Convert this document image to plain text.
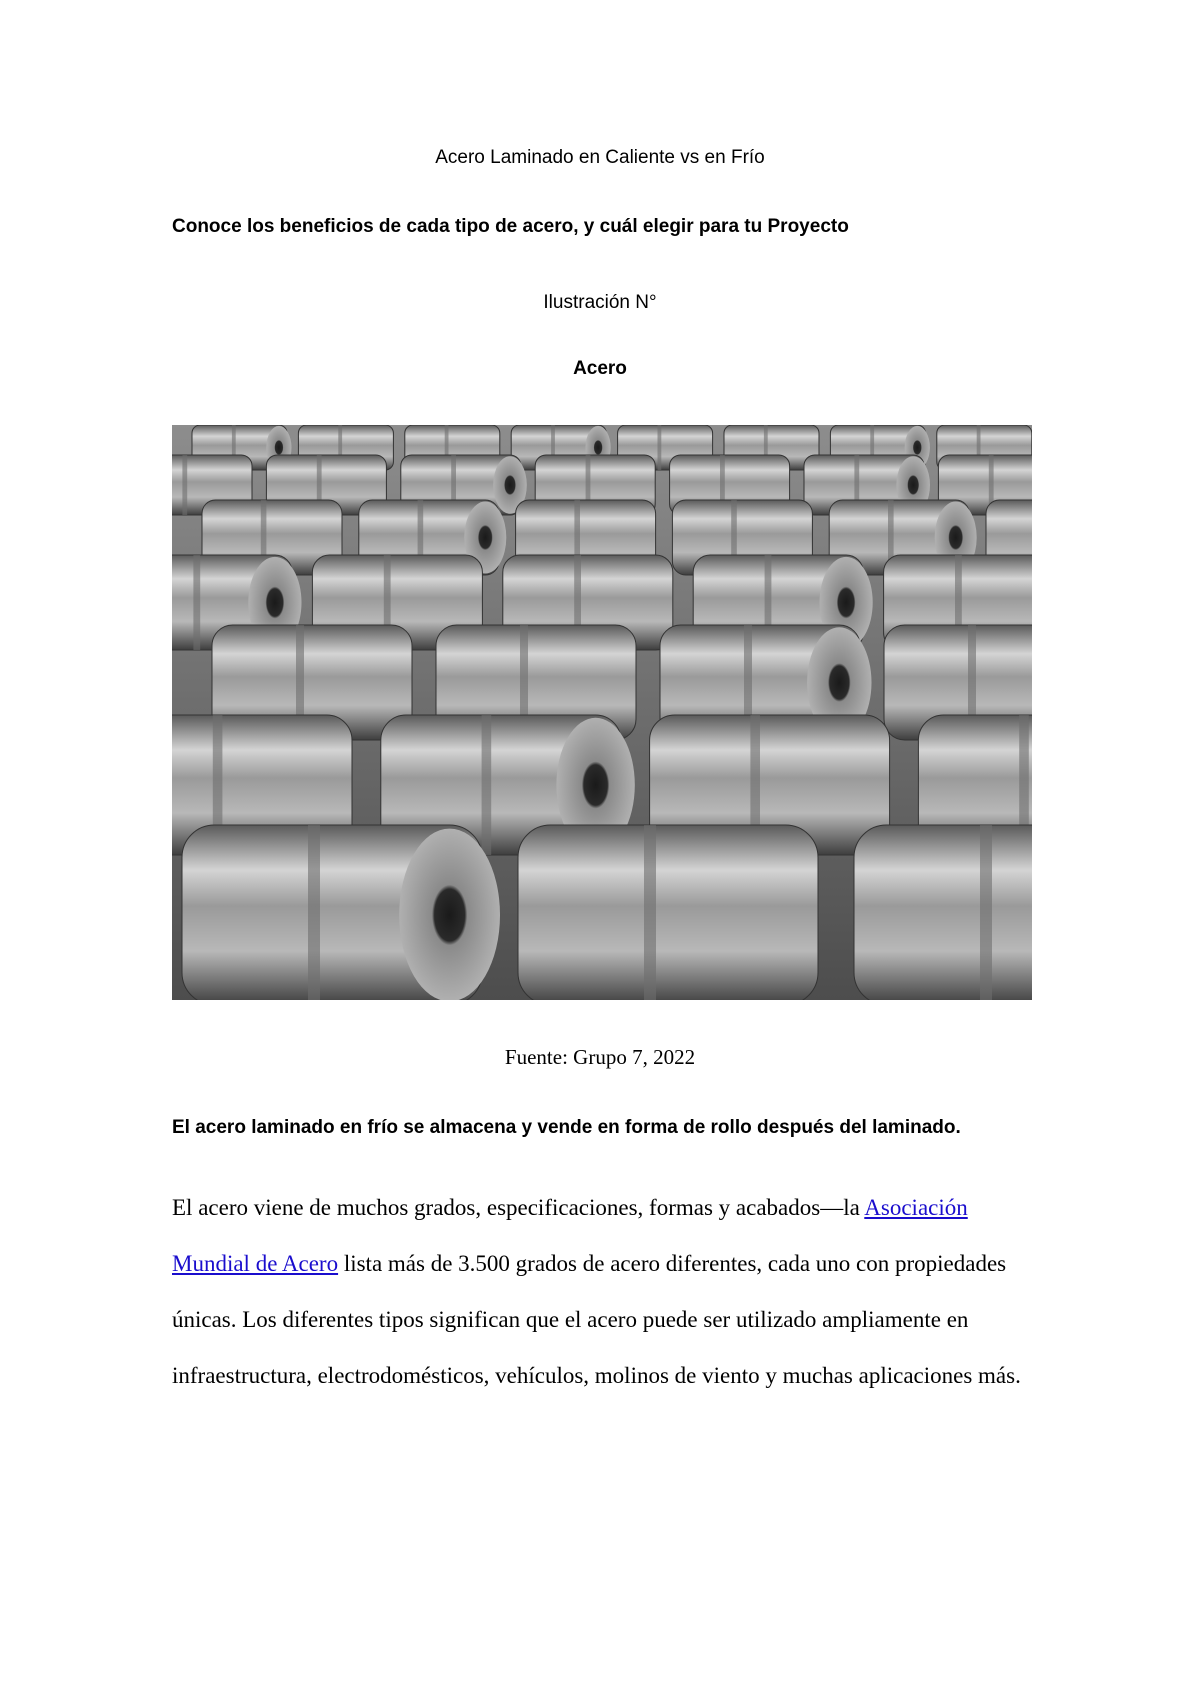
Acero Laminado en Caliente vs en Frío
Conoce los beneficios de cada tipo de acero, y cuál elegir para tu Proyecto
Ilustración N°
Acero
Fuente: Grupo 7, 2022
El acero laminado en frío se almacena y vende en forma de rollo después del laminado.

El acero viene de muchos grados, especificaciones, formas y acabados—la Asociación Mundial de Acero lista más de 3.500 grados de acero diferentes, cada uno con propiedades únicas. Los diferentes tipos significan que el acero puede ser utilizado ampliamente en infraestructura, electrodomésticos, vehículos, molinos de viento y muchas aplicaciones más.
